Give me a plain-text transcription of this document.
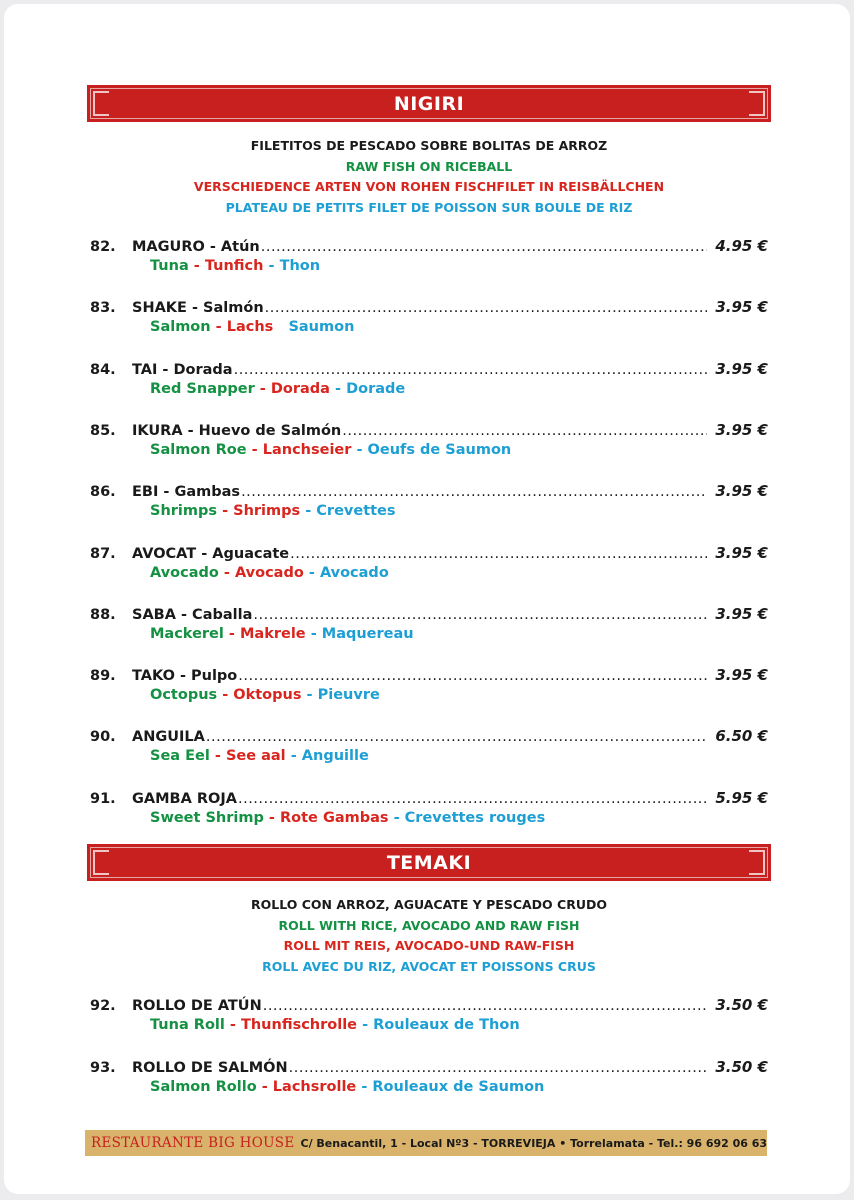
NIGIRI
FILETITOS DE PESCADO SOBRE BOLITAS DE ARROZ
RAW FISH ON RICEBALL
VERSCHIEDENCE ARTEN VON ROHEN FISCHFILET IN REISBÄLLCHEN
PLATEAU DE PETITS FILET DE POISSON SUR BOULE DE RIZ
82.	MAGURO - Atún .....	4.95 €
Tuna - Tunfich - Thon
83.	SHAKE - Salmón .....	3.95 €
Salmon - Lachs Saumon
84.	TAI - Dorada .....	3.95 €
Red Snapper - Dorada - Dorade
85.	IKURA - Huevo de Salmón .....	3.95 €
Salmon Roe - Lanchseier - Oeufs de Saumon
86.	EBI - Gambas .....	3.95 €
Shrimps - Shrimps - Crevettes
87.	AVOCAT - Aguacate .....	3.95 €
Avocado - Avocado - Avocado
88.	SABA - Caballa .....	3.95 €
Mackerel - Makrele - Maquereau
89.	TAKO - Pulpo .....	3.95 €
Octopus - Oktopus - Pieuvre
90.	ANGUILA .....	6.50 €
Sea Eel - See aal - Anguille
91.	GAMBA ROJA .....	5.95 €
Sweet Shrimp - Rote Gambas - Crevettes rouges
TEMAKI
ROLLO CON ARROZ, AGUACATE Y PESCADO CRUDO
ROLL WITH RICE, AVOCADO AND RAW FISH
ROLL MIT REIS, AVOCADO-UND RAW-FISH
ROLL AVEC DU RIZ, AVOCAT ET POISSONS CRUS
92.	ROLLO DE ATÚN .....	3.50 €
Tuna Roll - Thunfischrolle - Rouleaux de Thon
93.	ROLLO DE SALMÓN .....	3.50 €
Salmon Rollo - Lachsrolle - Rouleaux de Saumon
RESTAURANTE BIG HOUSE C/ Benacantil, 1 - Local Nº3 - TORREVIEJA • Torrelamata - Tel.: 96 692 06 63
